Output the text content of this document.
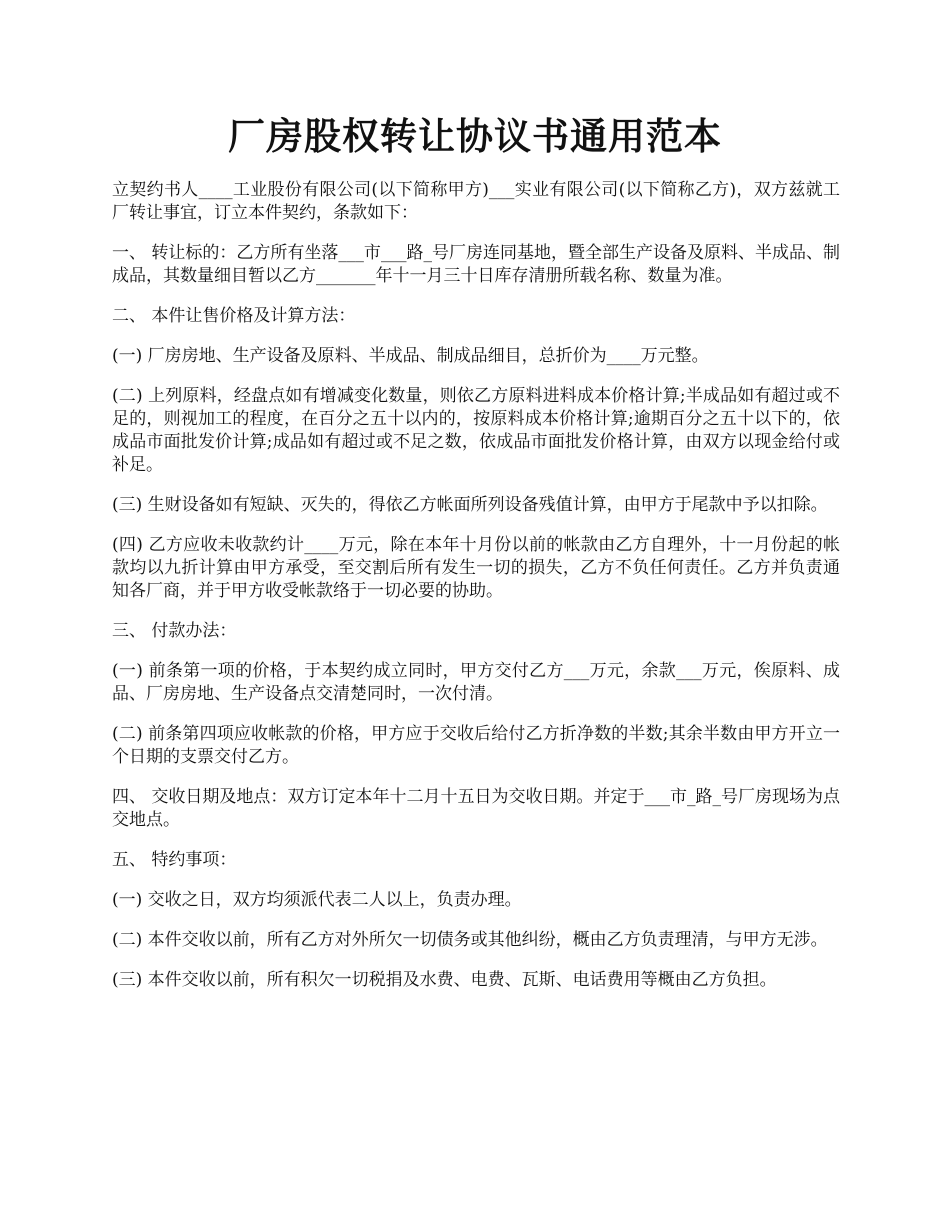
厂房股权转让协议书通用范本

立契约书人____工业股份有限公司(以下简称甲方)___实业有限公司(以下简称乙方)，双方兹就工厂转让事宜，订立本件契约，条款如下：

一、 转让标的：乙方所有坐落___市___路_号厂房连同基地，暨全部生产设备及原料、半成品、制成品，其数量细目暂以乙方_______年十一月三十日库存清册所载名称、数量为准。

二、 本件让售价格及计算方法：

(一) 厂房房地、生产设备及原料、半成品、制成品细目，总折价为____万元整。

(二) 上列原料，经盘点如有增减变化数量，则依乙方原料进料成本价格计算;半成品如有超过或不足的，则视加工的程度，在百分之五十以内的，按原料成本价格计算;逾期百分之五十以下的，依成品市面批发价计算;成品如有超过或不足之数，依成品市面批发价格计算，由双方以现金给付或补足。

(三) 生财设备如有短缺、灭失的，得依乙方帐面所列设备残值计算，由甲方于尾款中予以扣除。

(四) 乙方应收未收款约计____万元，除在本年十月份以前的帐款由乙方自理外，十一月份起的帐款均以九折计算由甲方承受，至交割后所有发生一切的损失，乙方不负任何责任。乙方并负责通知各厂商，并于甲方收受帐款络于一切必要的协助。

三、 付款办法：

(一) 前条第一项的价格，于本契约成立同时，甲方交付乙方___万元，余款___万元，俟原料、成品、厂房房地、生产设备点交清楚同时，一次付清。

(二) 前条第四项应收帐款的价格，甲方应于交收后给付乙方折净数的半数;其余半数由甲方开立一个日期的支票交付乙方。

四、 交收日期及地点：双方订定本年十二月十五日为交收日期。并定于___市_路_号厂房现场为点交地点。

五、 特约事项：

(一) 交收之日，双方均须派代表二人以上，负责办理。

(二) 本件交收以前，所有乙方对外所欠一切债务或其他纠纷，概由乙方负责理清，与甲方无涉。

(三) 本件交收以前，所有积欠一切税捐及水费、电费、瓦斯、电话费用等概由乙方负担。
